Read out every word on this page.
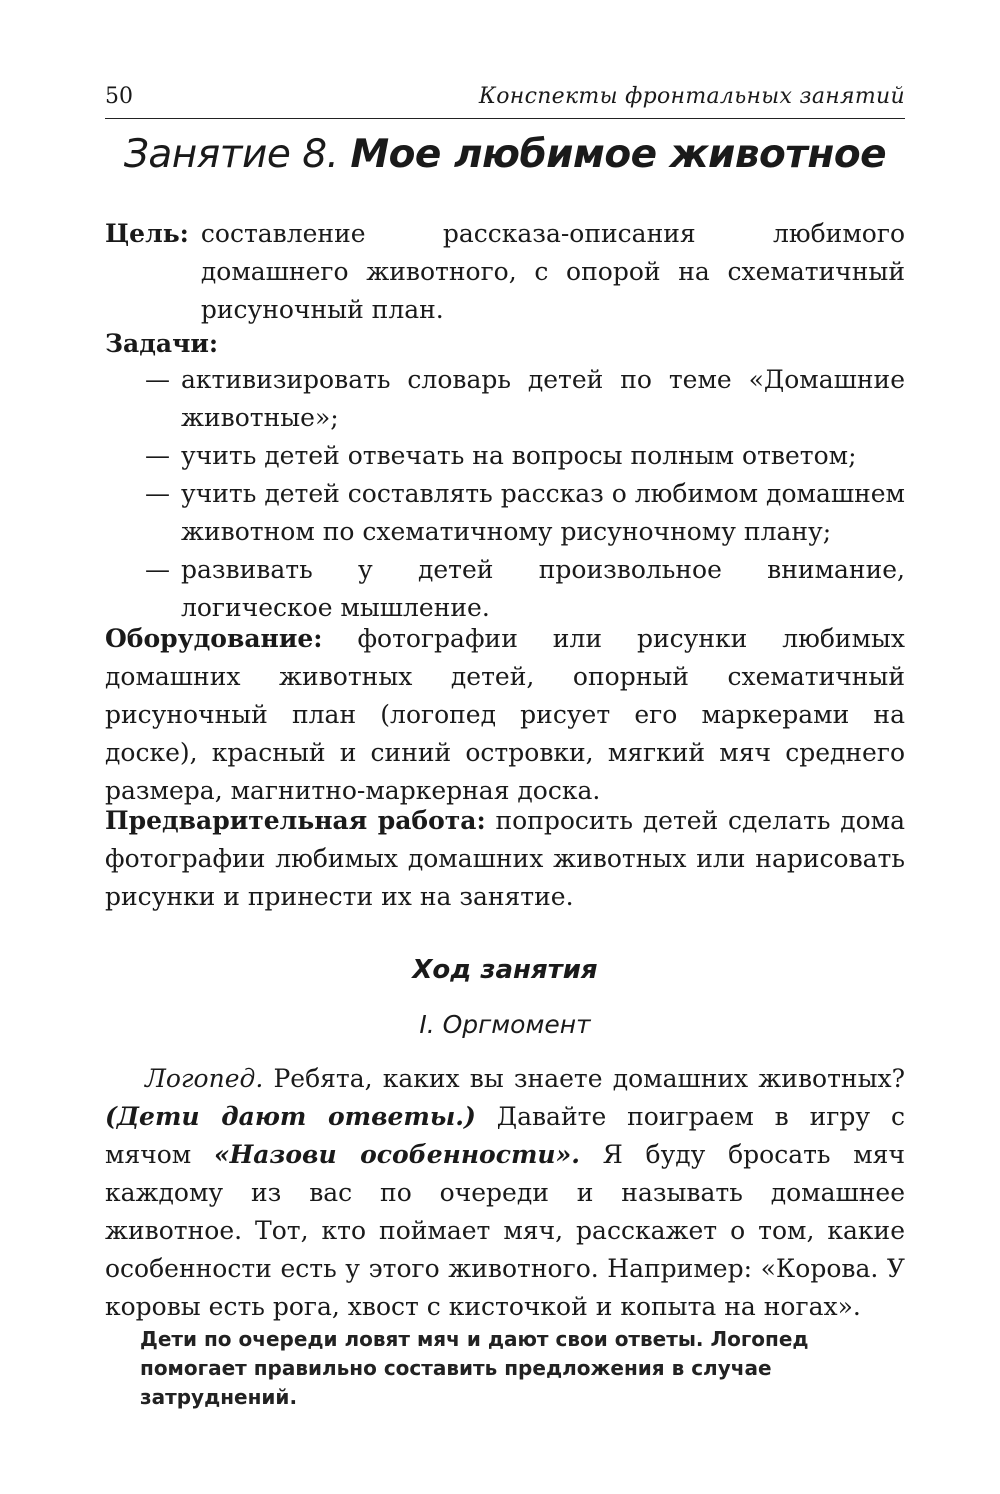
50	Конспекты фронтальных занятий
Занятие 8. Мое любимое животное
Цель: составление рассказа-описания любимого домашнего животного, с опорой на схематичный рисуночный план.
Задачи:
— активизировать словарь детей по теме «Домашние животные»;
— учить детей отвечать на вопросы полным ответом;
— учить детей составлять рассказ о любимом домашнем животном по схематичному рисуночному плану;
— развивать у детей произвольное внимание, логическое мышление.
Оборудование: фотографии или рисунки любимых домашних животных детей, опорный схематичный рисуночный план (логопед рисует его маркерами на доске), красный и синий островки, мягкий мяч среднего размера, магнитно-маркерная доска.
Предварительная работа: попросить детей сделать дома фотографии любимых домашних животных или нарисовать рисунки и принести их на занятие.
Ход занятия
I. Оргмомент

Логопед. Ребята, каких вы знаете домашних животных? (Дети дают ответы.) Давайте поиграем в игру с мячом «Назови особенности». Я буду бросать мяч каждому из вас по очереди и называть домашнее животное. Тот, кто поймает мяч, расскажет о том, какие особенности есть у этого животного. Например: «Корова. У коровы есть рога, хвост с кисточкой и копыта на ногах».

Дети по очереди ловят мяч и дают свои ответы. Логопед помогает правильно составить предложения в случае затруднений.
